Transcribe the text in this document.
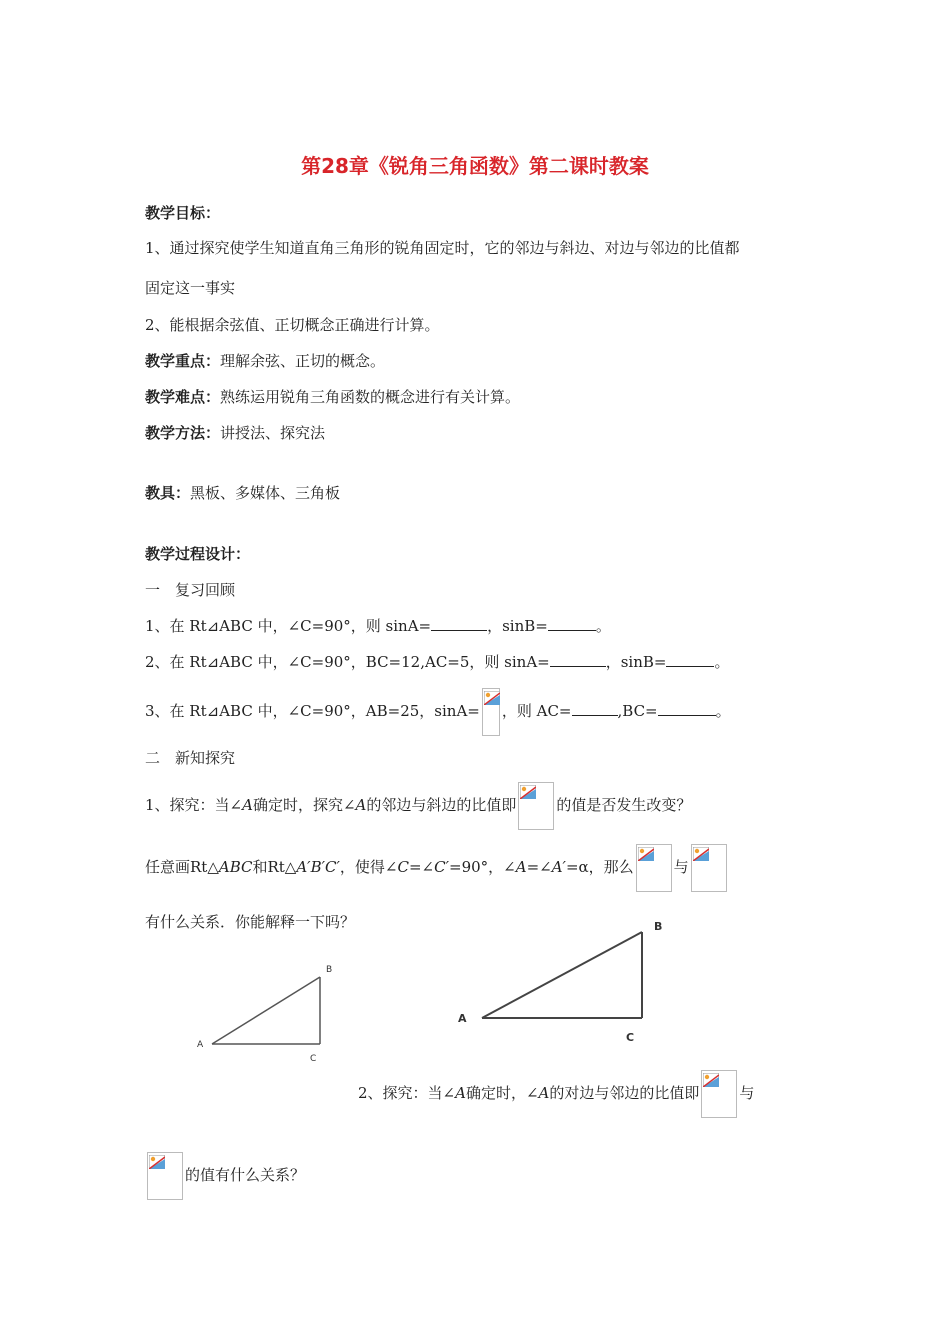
第28章《锐角三角函数》第二课时教案
教学目标：
1、通过探究使学生知道直角三角形的锐角固定时，它的邻边与斜边、对边与邻边的比值都
固定这一事实
2、能根据余弦值、正切概念正确进行计算。
教学重点：理解余弦、正切的概念。
教学难点：熟练运用锐角三角函数的概念进行有关计算。
教学方法：讲授法、探究法
教具：黑板、多媒体、三角板
教学过程设计：
一　复习回顾
1、在 Rt⊿ABC 中，∠C=90°，则 sinA=	，sinB=	。
2、在 Rt⊿ABC 中，∠C=90°，BC=12,AC=5，则 sinA=	，sinB=	。
3、在 Rt⊿ABC 中，∠C=90°，AB=25，sinA= ，则 AC=	,BC=	。
二　新知探究
1、探究：当∠A确定时，探究∠A的邻边与斜边的比值即	的值是否发生改变？
任意画Rt△ABC和Rt△A′B′C′，使得∠C=∠C′=90°，∠A=∠A′=α，那么	与
有什么关系．你能解释一下吗？
A
B
C
A
B
C
2、探究：当∠A确定时，∠A的对边与邻边的比值即	与
的值有什么关系？
